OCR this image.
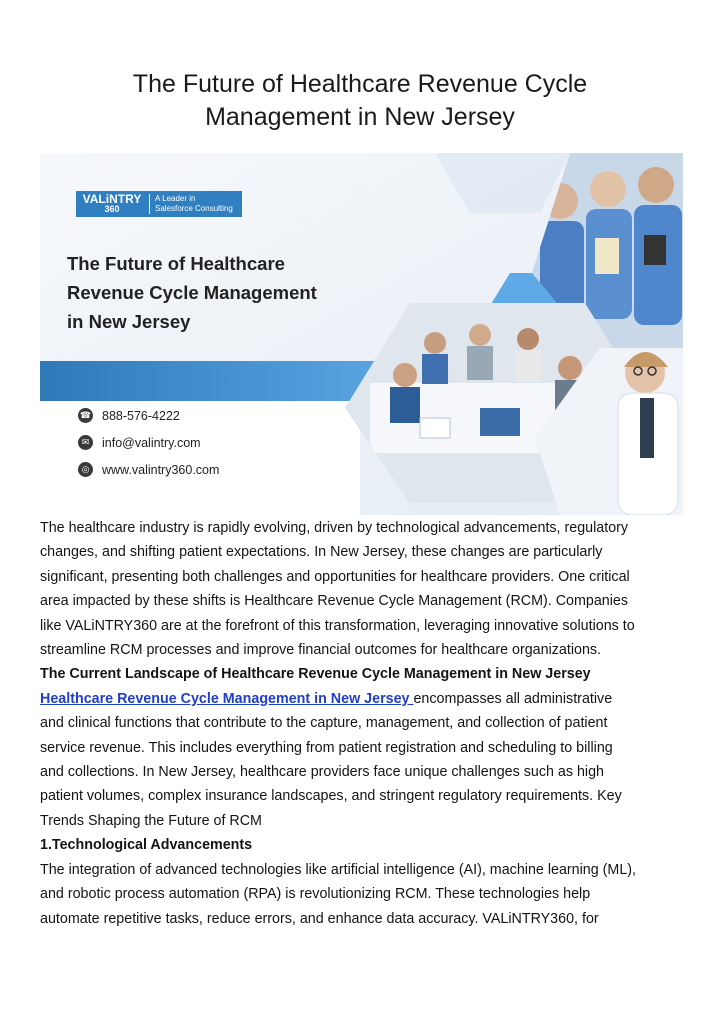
The Future of Healthcare Revenue Cycle
Management in New Jersey
VALiNTRY
360
A Leader in
Salesforce Consulting
The Future of Healthcare
Revenue Cycle Management
in New Jersey
☎ 888-576-4222
✉ info@valintry.com
◎ www.valintry360.com
The healthcare industry is rapidly evolving, driven by technological advancements, regulatory
changes, and shifting patient expectations. In New Jersey, these changes are particularly
significant, presenting both challenges and opportunities for healthcare providers. One critical
area impacted by these shifts is Healthcare Revenue Cycle Management (RCM). Companies
like VALiNTRY360 are at the forefront of this transformation, leveraging innovative solutions to
streamline RCM processes and improve financial outcomes for healthcare organizations.
The Current Landscape of Healthcare Revenue Cycle Management in New Jersey
Healthcare Revenue Cycle Management in New Jersey encompasses all administrative
and clinical functions that contribute to the capture, management, and collection of patient
service revenue. This includes everything from patient registration and scheduling to billing
and collections. In New Jersey, healthcare providers face unique challenges such as high
patient volumes, complex insurance landscapes, and stringent regulatory requirements. Key
Trends Shaping the Future of RCM
1.Technological Advancements
The integration of advanced technologies like artificial intelligence (AI), machine learning (ML),
and robotic process automation (RPA) is revolutionizing RCM. These technologies help
automate repetitive tasks, reduce errors, and enhance data accuracy. VALiNTRY360, for
